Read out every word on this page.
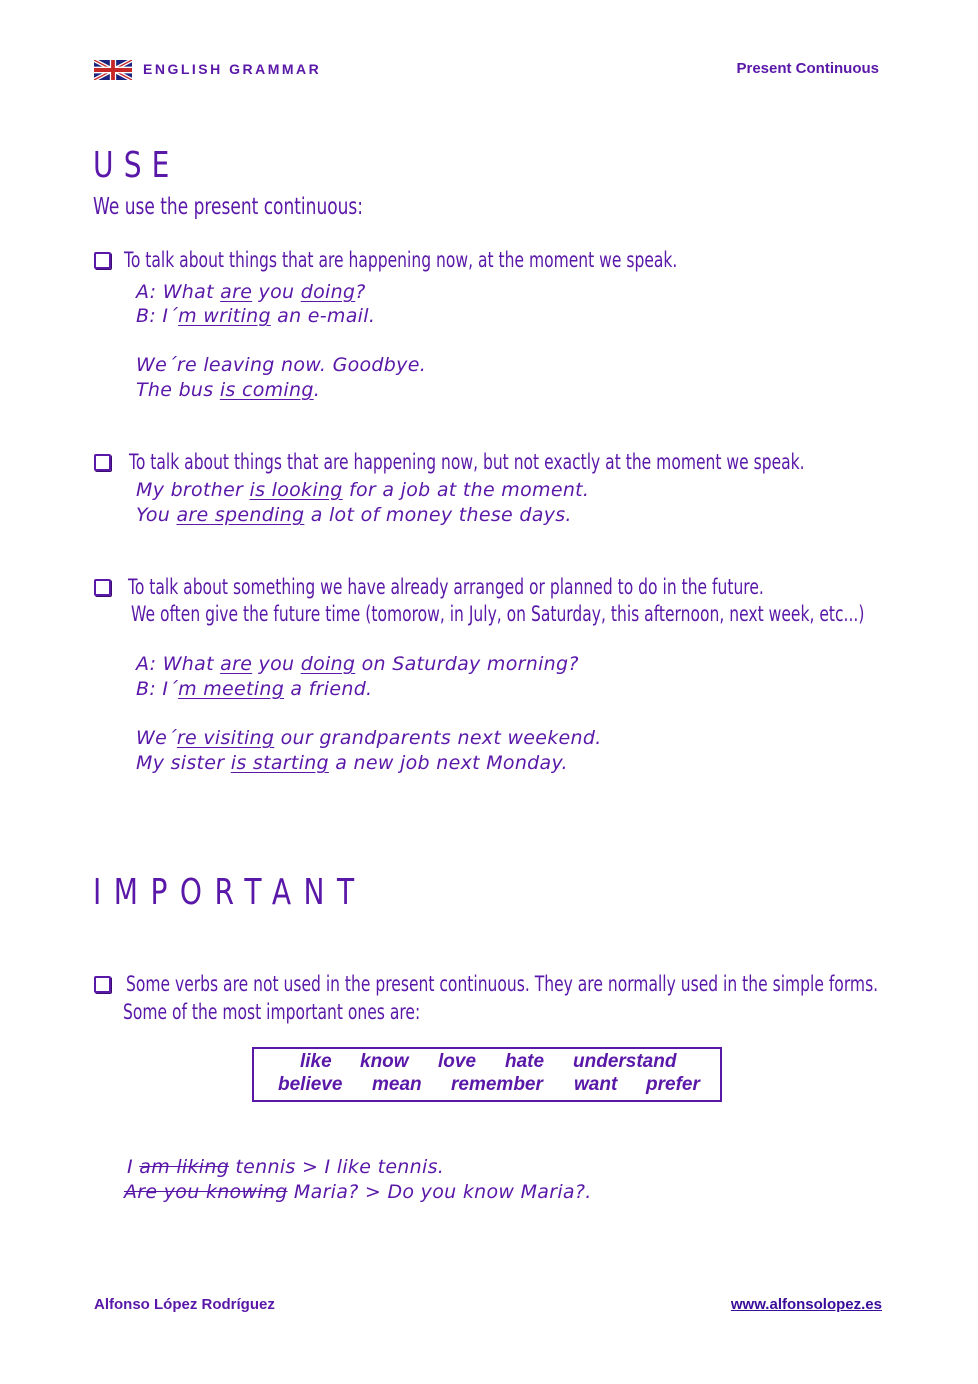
ENGLISH GRAMMAR	Present Continuous
USE
We use the present continuous:
To talk about things that are happening now, at the moment we speak.
A: What are you doing?
B: I´m writing an e-mail.
We´re leaving now. Goodbye.
The bus is coming.
To talk about things that are happening now, but not exactly at the moment we speak.
My brother is looking for a job at the moment.
You are spending a lot of money these days.
To talk about something we have already arranged or planned to do in the future.
We often give the future time (tomorow, in July, on Saturday, this afternoon, next week, etc...)
A: What are you doing on Saturday morning?
B: I´m meeting a friend.
We´re visiting our grandparents next weekend.
My sister is starting a new job next Monday.
IMPORTANT
Some verbs are not used in the present continuous. They are normally used in the simple forms.
Some of the most important ones are:
like know love hate understand
believe mean remember want prefer
I am liking tennis > I like tennis.
Are you knowing Maria? > Do you know Maria?.
Alfonso López Rodríguez	www.alfonsolopez.es
